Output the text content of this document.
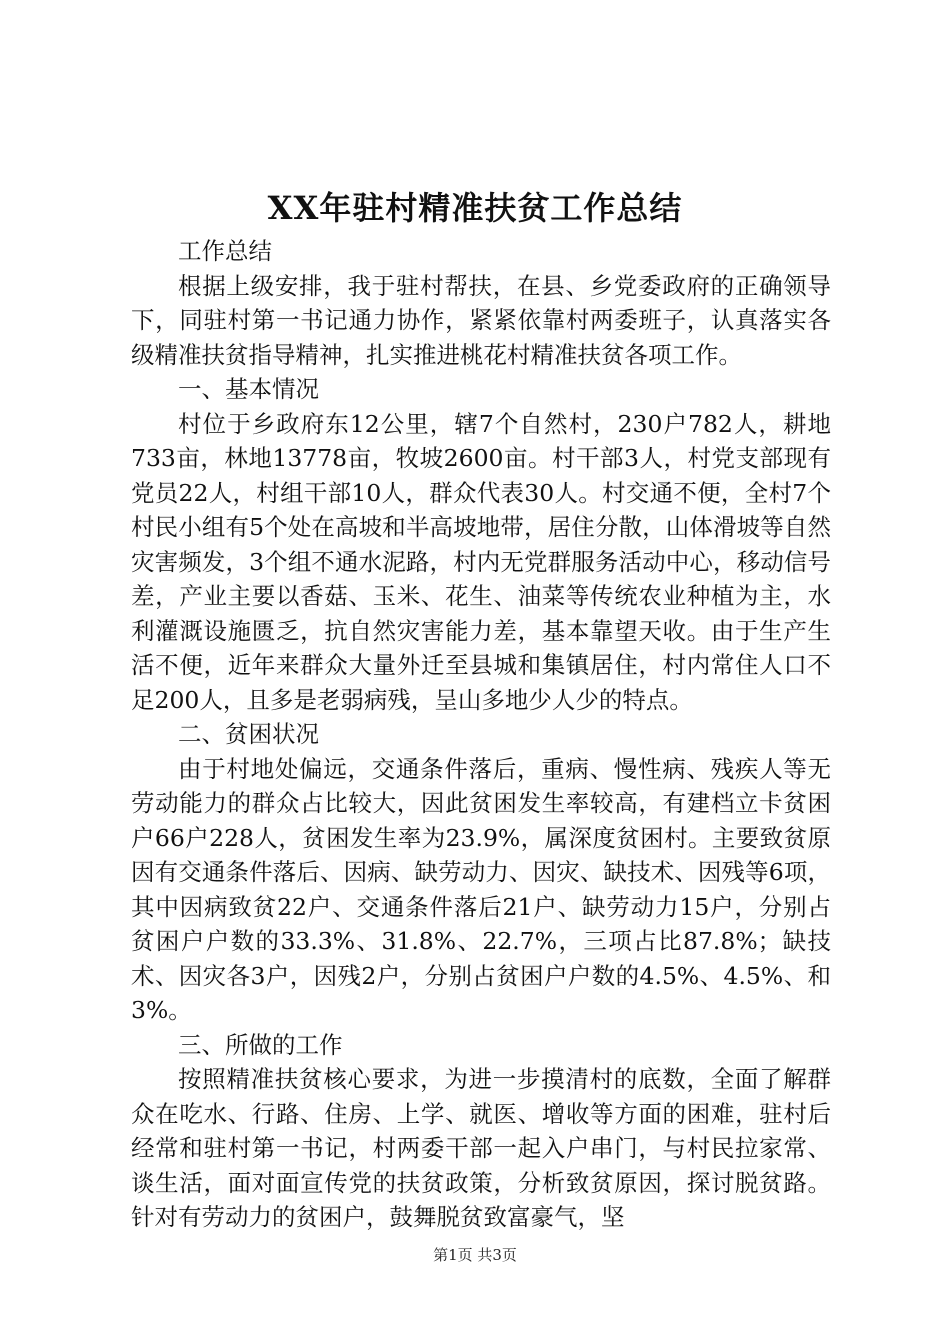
XX年驻村精准扶贫工作总结

工作总结

根据上级安排，我于驻村帮扶，在县、乡党委政府的正确领导下，同驻村第一书记通力协作，紧紧依靠村两委班子，认真落实各级精准扶贫指导精神，扎实推进桃花村精准扶贫各项工作。

一、基本情况

村位于乡政府东12公里，辖7个自然村，230户782人，耕地733亩，林地13778亩，牧坡2600亩。村干部3人，村党支部现有党员22人，村组干部10人，群众代表30人。村交通不便，全村7个村民小组有5个处在高坡和半高坡地带，居住分散，山体滑坡等自然灾害频发，3个组不通水泥路，村内无党群服务活动中心，移动信号差，产业主要以香菇、玉米、花生、油菜等传统农业种植为主，水利灌溉设施匮乏，抗自然灾害能力差，基本靠望天收。由于生产生活不便，近年来群众大量外迁至县城和集镇居住，村内常住人口不足200人，且多是老弱病残，呈山多地少人少的特点。

二、贫困状况

由于村地处偏远，交通条件落后，重病、慢性病、残疾人等无劳动能力的群众占比较大，因此贫困发生率较高，有建档立卡贫困户66户228人，贫困发生率为23.9%，属深度贫困村。主要致贫原因有交通条件落后、因病、缺劳动力、因灾、缺技术、因残等6项，其中因病致贫22户、交通条件落后21户、缺劳动力15户，分别占贫困户户数的33.3%、31.8%、22.7%，三项占比87.8%；缺技术、因灾各3户，因残2户，分别占贫困户户数的4.5%、4.5%、和3%。

三、所做的工作

按照精准扶贫核心要求，为进一步摸清村的底数，全面了解群众在吃水、行路、住房、上学、就医、增收等方面的困难，驻村后经常和驻村第一书记，村两委干部一起入户串门，与村民拉家常、谈生活，面对面宣传党的扶贫政策，分析致贫原因，探讨脱贫路。针对有劳动力的贫困户，鼓舞脱贫致富豪气，坚

第1页 共3页
